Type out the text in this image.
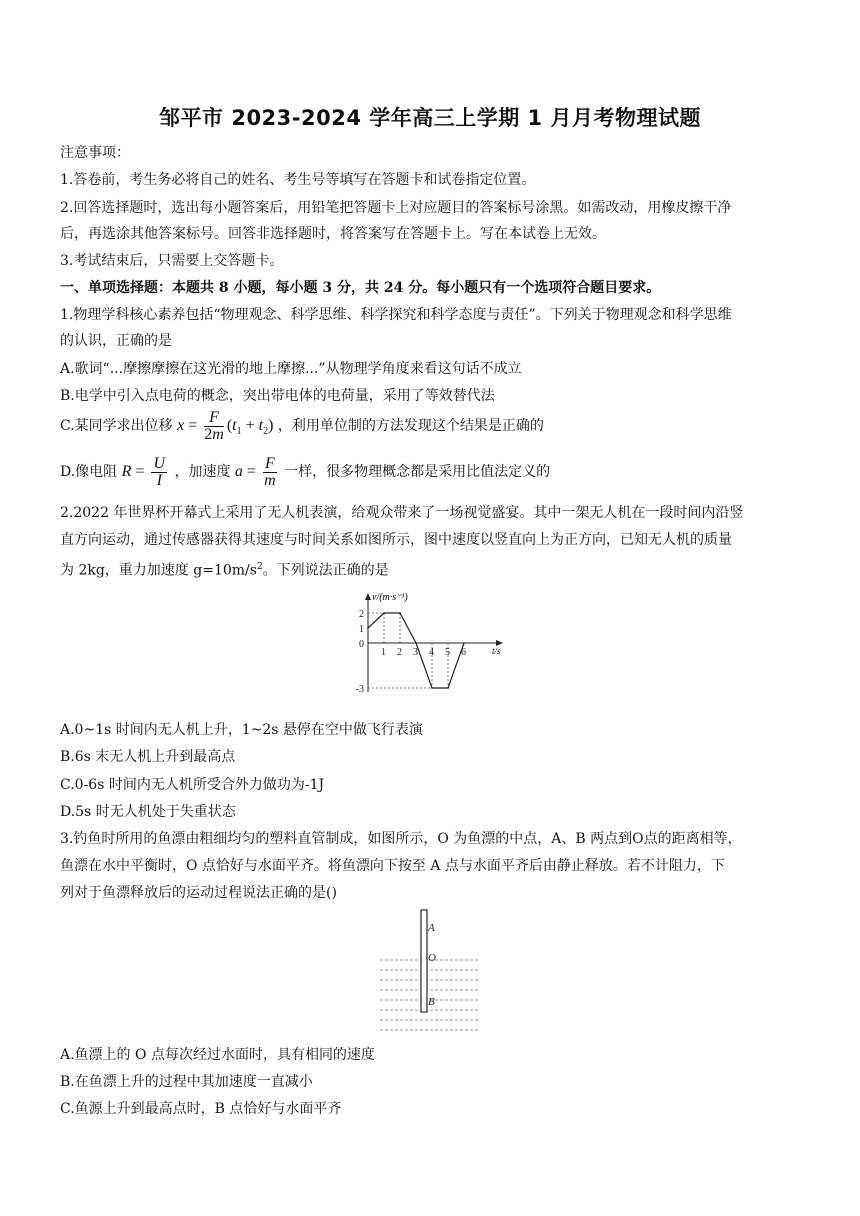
邹平市 2023-2024 学年高三上学期 1 月月考物理试题
注意事项：
1.答卷前，考生务必将自己的姓名、考生号等填写在答题卡和试卷指定位置。
2.回答选择题时，选出每小题答案后，用铅笔把答题卡上对应题目的答案标号涂黑。如需改动，用橡皮擦干净
后，再选涂其他答案标号。回答非选择题时，将答案写在答题卡上。写在本试卷上无效。
3.考试结束后，只需要上交答题卡。
一、单项选择题：本题共 8 小题，每小题 3 分，共 24 分。每小题只有一个选项符合题目要求。
1.物理学科核心素养包括“物理观念、科学思维、科学探究和科学态度与责任”。下列关于物理观念和科学思维
的认识，正确的是
A.歌词“...摩擦摩擦在这光滑的地上摩擦...”从物理学角度来看这句话不成立
B.电学中引入点电荷的概念，突出带电体的电荷量，采用了等效替代法
C.某同学求出位移 $x = \frac{F}{2m} (t_1 + t_2)$ ，利用单位制的方法发现这个结果是正确的
D.像电阻 $R = \frac{U}{I}$ ，加速度 $a = \frac{F}{m}$ 一样，很多物理概念都是采用比值法定义的
2.2022 年世界杯开幕式上采用了无人机表演，给观众带来了一场视觉盛宴。其中一架无人机在一段时间内沿竖
直方向运动，通过传感器获得其速度与时间关系如图所示，图中速度以竖直向上为正方向，已知无人机的质量
为 2kg，重力加速度 $g=10m/s^2$。下列说法正确的是
2
1
0
-3
1 2 3 4 5 6
v/(m·s⁻¹)
t/s
A.0~1s 时间内无人机上升，1~2s 悬停在空中做飞行表演
B.6s 末无人机上升到最高点
C.0-6s 时间内无人机所受合外力做功为-1J
D.5s 时无人机处于失重状态
3.钓鱼时所用的鱼漂由粗细均匀的塑料直管制成，如图所示，O 为鱼漂的中点，A、B 两点到O点的距离相等，
鱼漂在水中平衡时，O 点恰好与水面平齐。将鱼漂向下按至 A 点与水面平齐后由静止释放。若不计阻力，下
列对于鱼漂释放后的运动过程说法正确的是()
A
O
B
A.鱼漂上的 O 点每次经过水面时，具有相同的速度
B.在鱼漂上升的过程中其加速度一直减小
C.鱼源上升到最高点时，B 点恰好与水面平齐
